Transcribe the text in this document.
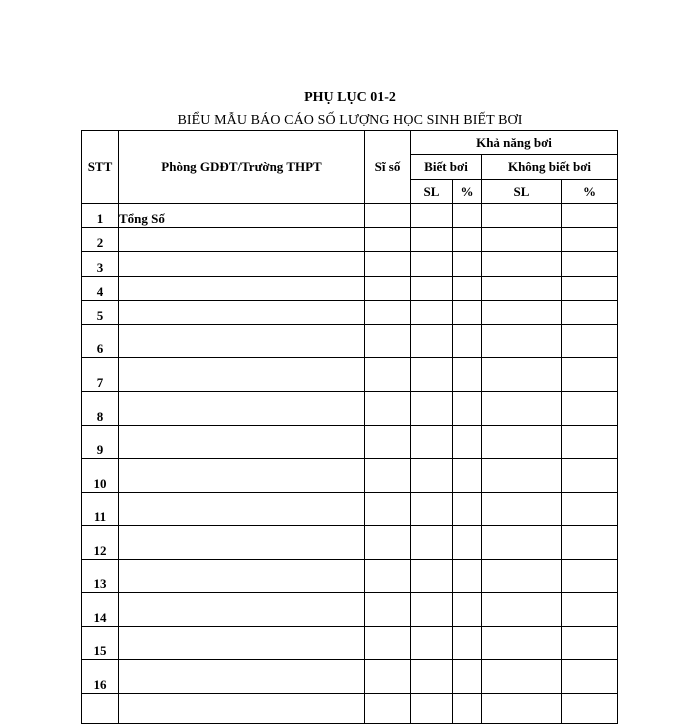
PHỤ LỤC 01-2
BIỂU MẪU BÁO CÁO SỐ LƯỢNG HỌC SINH BIẾT BƠI
STT	Phòng GDĐT/Trường THPT	Sĩ số	Khả năng bơi			
			Biết bơi		Không biết bơi	
			SL	%	SL	%
1	Tổng Số					
2						
3						
4						
5						
6						
7						
8						
9						
10						
11						
12						
13						
14						
15						
16						
